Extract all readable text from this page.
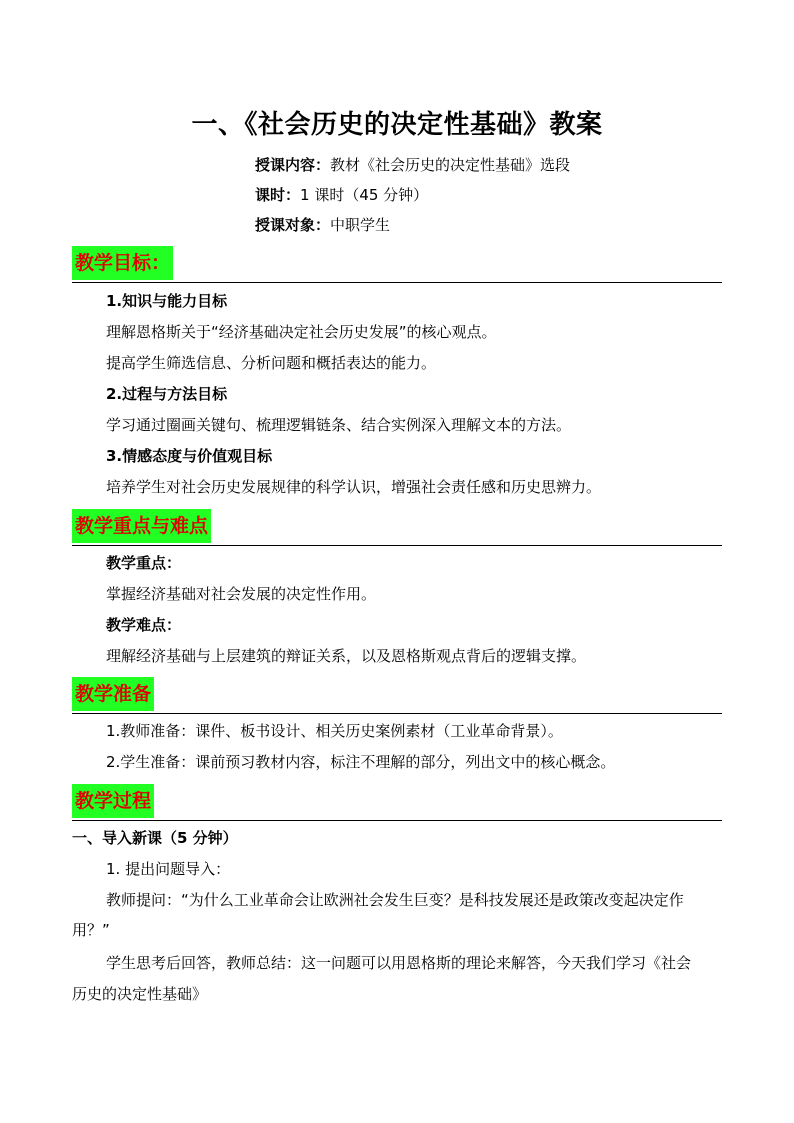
一、《社会历史的决定性基础》教案
授课内容：教材《社会历史的决定性基础》选段
课时：1 课时（45 分钟）
授课对象：中职学生
教学目标：
1.知识与能力目标
理解恩格斯关于“经济基础决定社会历史发展”的核心观点。
提高学生筛选信息、分析问题和概括表达的能力。
2.过程与方法目标
学习通过圈画关键句、梳理逻辑链条、结合实例深入理解文本的方法。
3.情感态度与价值观目标
培养学生对社会历史发展规律的科学认识，增强社会责任感和历史思辨力。
教学重点与难点
教学重点：
掌握经济基础对社会发展的决定性作用。
教学难点：
理解经济基础与上层建筑的辩证关系，以及恩格斯观点背后的逻辑支撑。
教学准备
1.教师准备：课件、板书设计、相关历史案例素材（工业革命背景）。
2.学生准备：课前预习教材内容，标注不理解的部分，列出文中的核心概念。
教学过程
一、导入新课（5 分钟）
1. 提出问题导入：
教师提问：“为什么工业革命会让欧洲社会发生巨变？是科技发展还是政策改变起决定作
用？”
学生思考后回答，教师总结：这一问题可以用恩格斯的理论来解答，今天我们学习《社会
历史的决定性基础》
